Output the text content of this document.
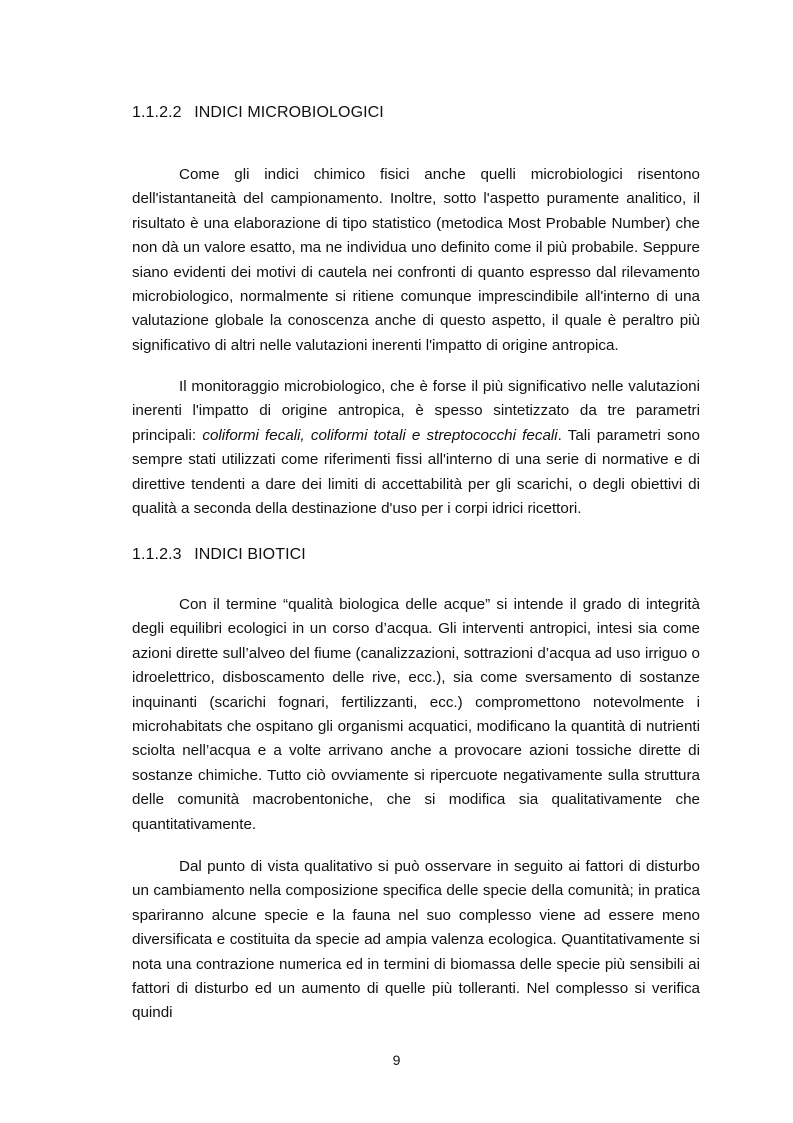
1.1.2.2 INDICI MICROBIOLOGICI

Come gli indici chimico fisici anche quelli microbiologici risentono dell'istantaneità del campionamento. Inoltre, sotto l'aspetto puramente analitico, il risultato è una elaborazione di tipo statistico (metodica Most Probable Number) che non dà un valore esatto, ma ne individua uno definito come il più probabile. Seppure siano evidenti dei motivi di cautela nei confronti di quanto espresso dal rilevamento microbiologico, normalmente si ritiene comunque imprescindibile all'interno di una valutazione globale la conoscenza anche di questo aspetto, il quale è peraltro più significativo di altri nelle valutazioni inerenti l'impatto di origine antropica.

Il monitoraggio microbiologico, che è forse il più significativo nelle valutazioni inerenti l'impatto di origine antropica, è spesso sintetizzato da tre parametri principali: coliformi fecali, coliformi totali e streptococchi fecali. Tali parametri sono sempre stati utilizzati come riferimenti fissi all'interno di una serie di normative e di direttive tendenti a dare dei limiti di accettabilità per gli scarichi, o degli obiettivi di qualità a seconda della destinazione d'uso per i corpi idrici ricettori.

1.1.2.3 INDICI BIOTICI

Con il termine “qualità biologica delle acque” si intende il grado di integrità degli equilibri ecologici in un corso d’acqua. Gli interventi antropici, intesi sia come azioni dirette sull’alveo del fiume (canalizzazioni, sottrazioni d’acqua ad uso irriguo o idroelettrico, disboscamento delle rive, ecc.), sia come sversamento di sostanze inquinanti (scarichi fognari, fertilizzanti, ecc.) compromettono notevolmente i microhabitats che ospitano gli organismi acquatici, modificano la quantità di nutrienti sciolta nell’acqua e a volte arrivano anche a provocare azioni tossiche dirette di sostanze chimiche. Tutto ciò ovviamente si ripercuote negativamente sulla struttura delle comunità macrobentoniche, che si modifica sia qualitativamente che quantitativamente.

Dal punto di vista qualitativo si può osservare in seguito ai fattori di disturbo un cambiamento nella composizione specifica delle specie della comunità; in pratica spariranno alcune specie e la fauna nel suo complesso viene ad essere meno diversificata e costituita da specie ad ampia valenza ecologica. Quantitativamente si nota una contrazione numerica ed in termini di biomassa delle specie più sensibili ai fattori di disturbo ed un aumento di quelle più tolleranti. Nel complesso si verifica quindi

9
